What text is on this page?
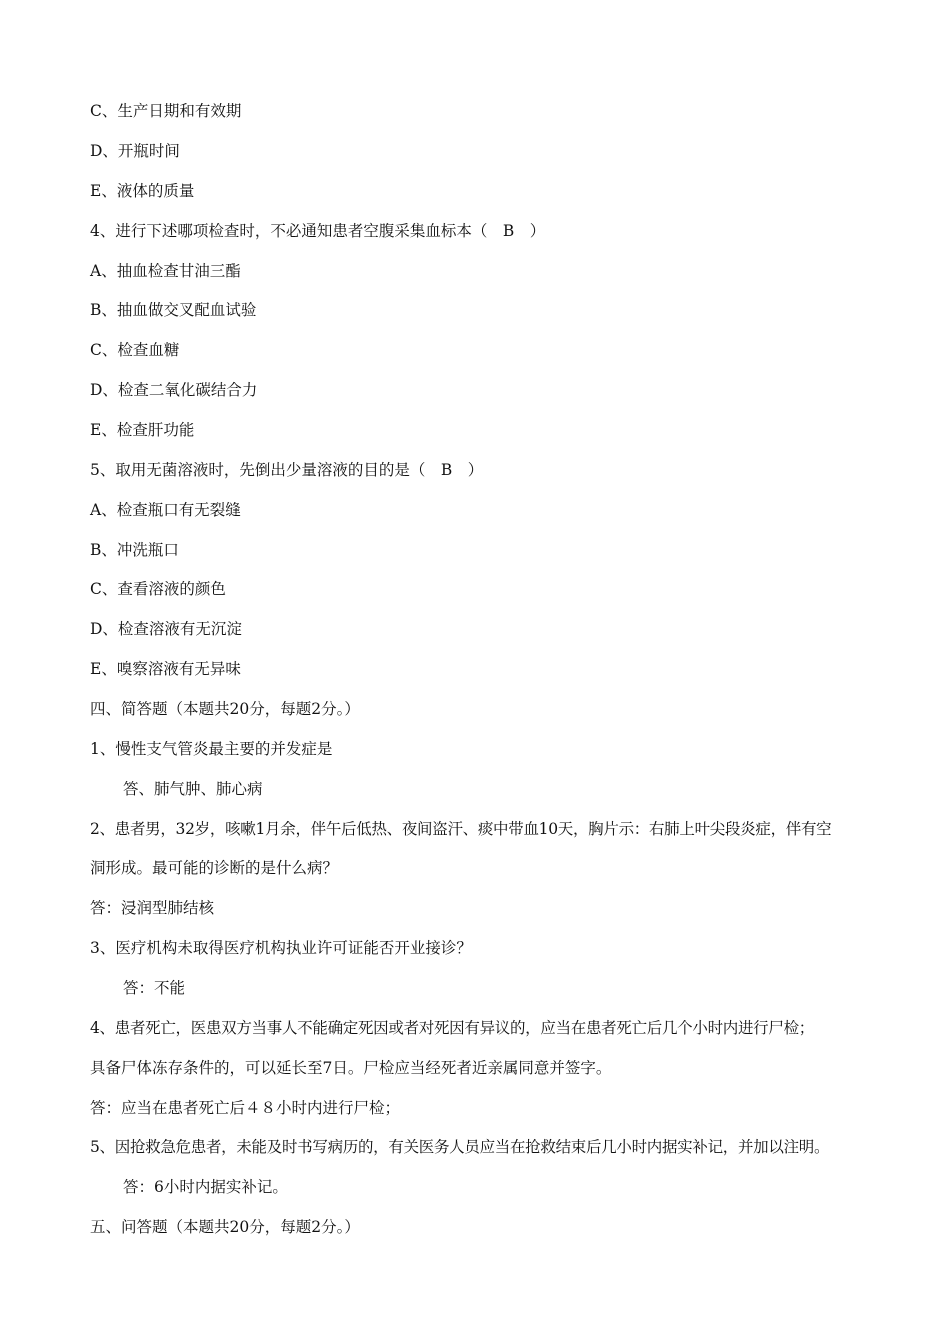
C、生产日期和有效期
D、开瓶时间
E、液体的质量
4、进行下述哪项检查时，不必通知患者空腹采集血标本（　B　）
A、抽血检查甘油三酯
B、抽血做交叉配血试验
C、检查血糖
D、检查二氧化碳结合力
E、检查肝功能
5、取用无菌溶液时，先倒出少量溶液的目的是（　B　）
A、检查瓶口有无裂缝
B、冲洗瓶口
C、查看溶液的颜色
D、检查溶液有无沉淀
E、嗅察溶液有无异味
四、简答题（本题共20分，每题2分。）
1、慢性支气管炎最主要的并发症是
答、肺气肿、肺心病
2、患者男，32岁，咳嗽1月余，伴午后低热、夜间盗汗、痰中带血10天，胸片示：右肺上叶尖段炎症，伴有空
洞形成。最可能的诊断的是什么病？
答：浸润型肺结核
3、医疗机构未取得医疗机构执业许可证能否开业接诊？
答：不能
4、患者死亡，医患双方当事人不能确定死因或者对死因有异议的，应当在患者死亡后几个小时内进行尸检；
具备尸体冻存条件的，可以延长至7日。尸检应当经死者近亲属同意并签字。
答：应当在患者死亡后４８小时内进行尸检；
5、因抢救急危患者，未能及时书写病历的，有关医务人员应当在抢救结束后几小时内据实补记，并加以注明。
答：6小时内据实补记。
五、问答题（本题共20分，每题2分。）
